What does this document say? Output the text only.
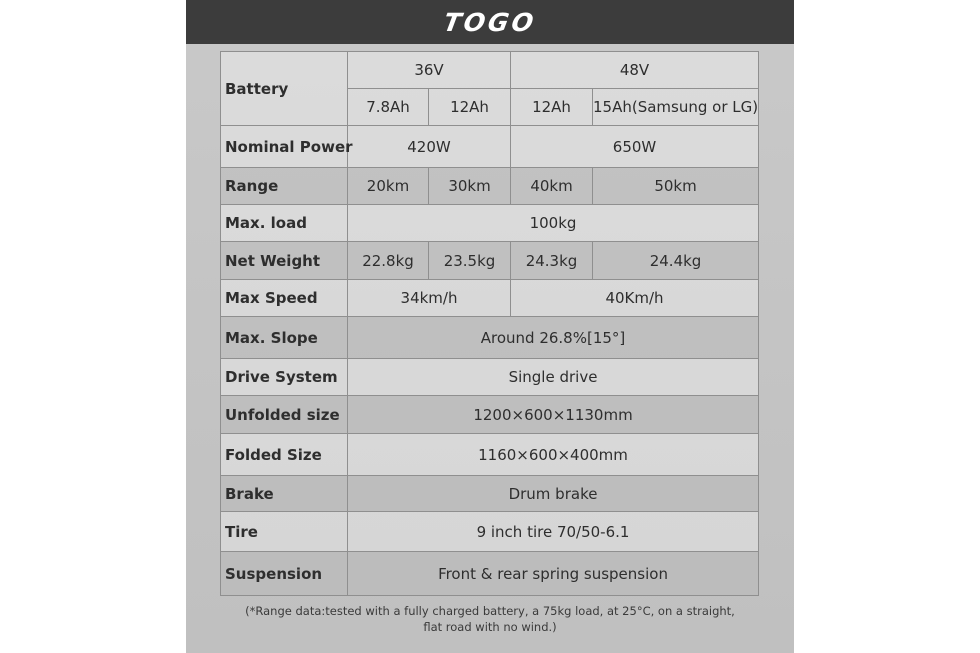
TOGO
Battery	36V		48V	
	7.8Ah	12Ah	12Ah	15Ah(Samsung or LG)
Nominal Power	420W		650W	
Range	20km	30km	40km	50km
Max. load	100kg			
Net Weight	22.8kg	23.5kg	24.3kg	24.4kg
Max Speed	34km/h		40Km/h	
Max. Slope	Around 26.8%[15°]			
Drive System	Single drive			
Unfolded size	1200×600×1130mm			
Folded Size	1160×600×400mm			
Brake	Drum brake			
Tire	9 inch tire 70/50-6.1			
Suspension	Front & rear spring suspension			
(*Range data:tested with a fully charged battery, a 75kg load, at 25°C, on a straight,
flat road with no wind.)
